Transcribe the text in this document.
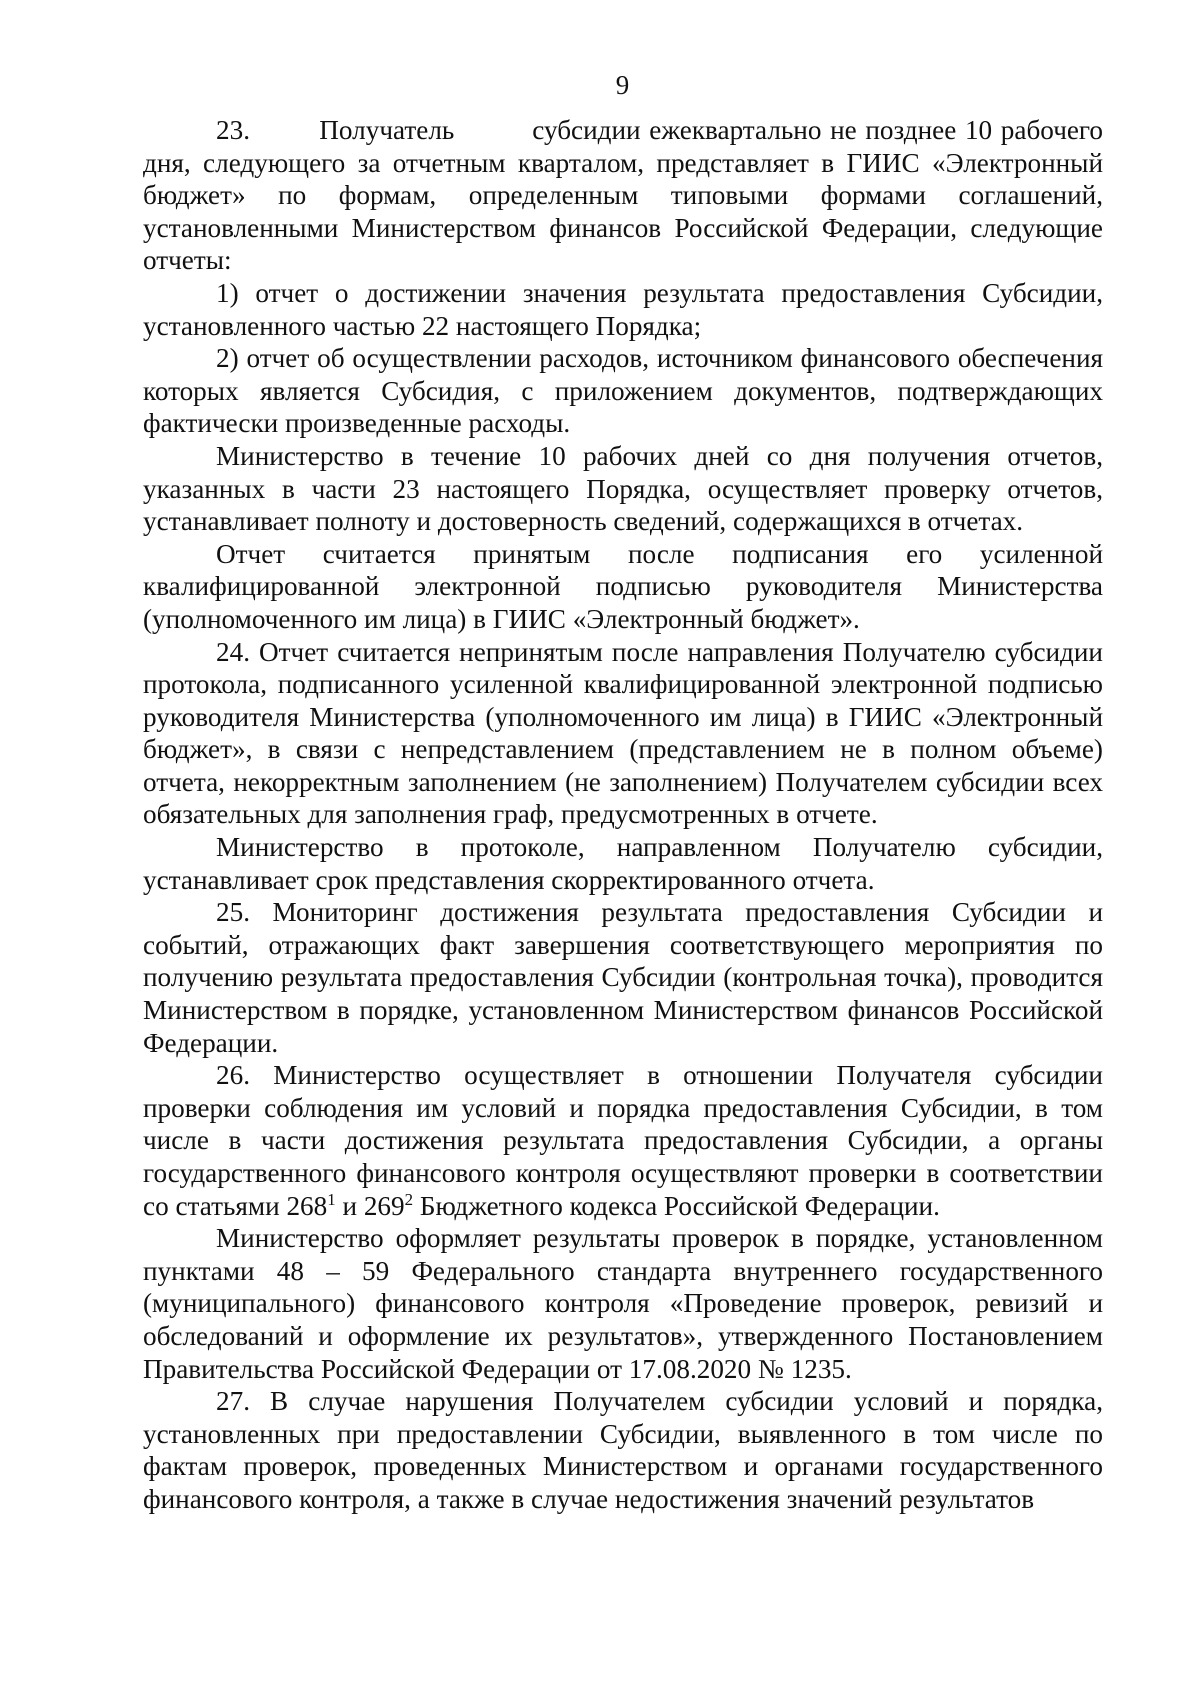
9

23.        Получатель         субсидии ежеквартально не позднее 10 рабочего дня, следующего за отчетным кварталом, представляет в ГИИС «Электронный бюджет» по формам, определенным типовыми формами соглашений, установленными Министерством финансов Российской Федерации, следующие отчеты:

1) отчет о достижении значения результата предоставления Субсидии, установленного частью 22 настоящего Порядка;

2) отчет об осуществлении расходов, источником финансового обеспечения которых является Субсидия, с приложением документов, подтверждающих фактически произведенные расходы.

Министерство в течение 10 рабочих дней со дня получения отчетов, указанных в части 23 настоящего Порядка, осуществляет проверку отчетов, устанавливает полноту и достоверность сведений, содержащихся в отчетах.

Отчет считается принятым после подписания его усиленной квалифицированной электронной подписью руководителя Министерства (уполномоченного им лица) в ГИИС «Электронный бюджет».

24. Отчет считается непринятым после направления Получателю субсидии протокола, подписанного усиленной квалифицированной электронной подписью руководителя Министерства (уполномоченного им лица) в ГИИС «Электронный бюджет», в связи с непредставлением (представлением не в полном объеме) отчета, некорректным заполнением (не заполнением) Получателем субсидии всех обязательных для заполнения граф, предусмотренных в отчете.

Министерство в протоколе, направленном Получателю субсидии, устанавливает срок представления скорректированного отчета.

25. Мониторинг достижения результата предоставления Субсидии и событий, отражающих факт завершения соответствующего мероприятия по получению результата предоставления Субсидии (контрольная точка), проводится Министерством в порядке, установленном Министерством финансов Российской Федерации.

26. Министерство осуществляет в отношении Получателя субсидии проверки соблюдения им условий и порядка предоставления Субсидии, в том числе в части достижения результата предоставления Субсидии, а органы государственного финансового контроля осуществляют проверки в соответствии со статьями $268^1$ и $269^2$ Бюджетного кодекса Российской Федерации.

Министерство оформляет результаты проверок в порядке, установленном пунктами 48 – 59 Федерального стандарта внутреннего государственного (муниципального) финансового контроля «Проведение проверок, ревизий и обследований и оформление их результатов», утвержденного Постановлением Правительства Российской Федерации от 17.08.2020 № 1235.

27. В случае нарушения Получателем субсидии условий и порядка, установленных при предоставлении Субсидии, выявленного в том числе по фактам проверок, проведенных Министерством и органами государственного финансового контроля, а также в случае недостижения значений результатов
